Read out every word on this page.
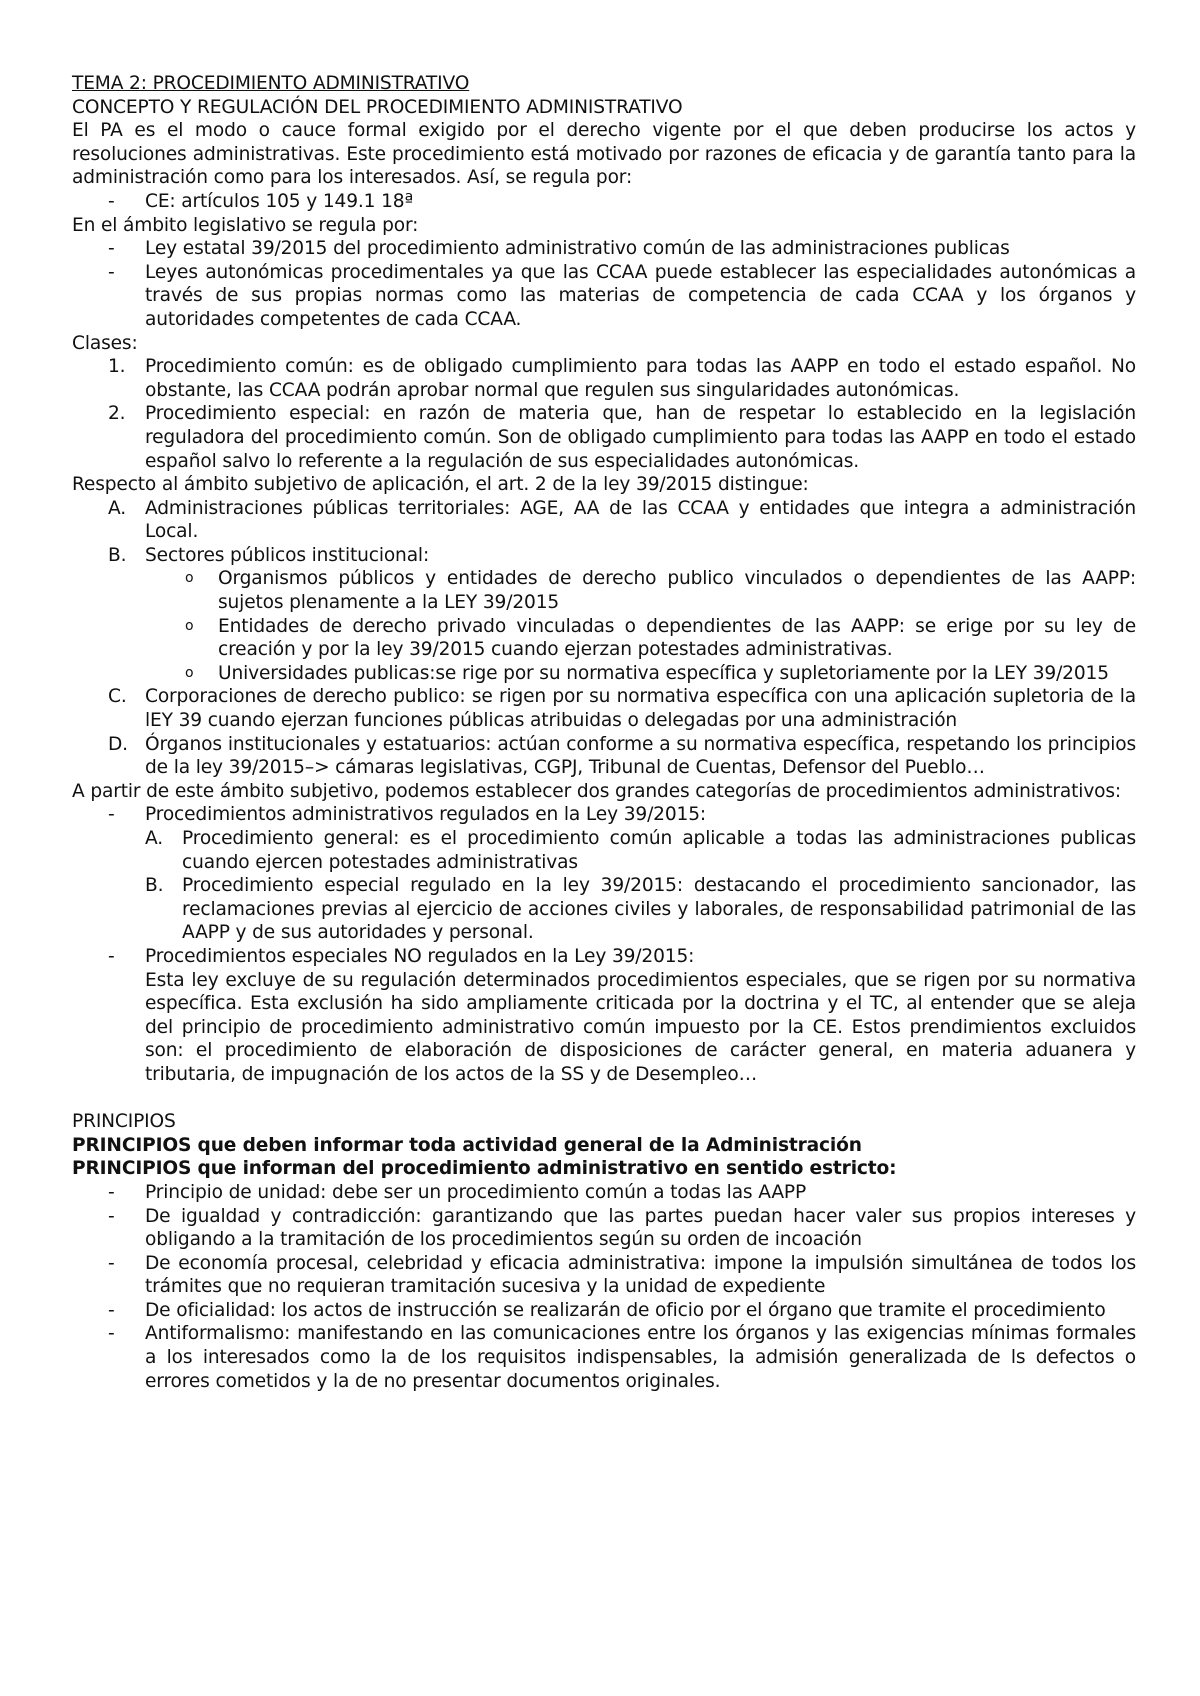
TEMA 2: PROCEDIMIENTO ADMINISTRATIVO

CONCEPTO Y REGULACIÓN DEL PROCEDIMIENTO ADMINISTRATIVO

El PA es el modo o cauce formal exigido por el derecho vigente por el que deben producirse los actos y resoluciones administrativas. Este procedimiento está motivado por razones de eficacia y de garantía tanto para la administración como para los interesados. Así, se regula por:

- CE: artículos 105 y 149.1 18ª

En el ámbito legislativo se regula por:

- Ley estatal 39/2015 del procedimiento administrativo común de las administraciones publicas
- Leyes autonómicas procedimentales ya que las CCAA puede establecer las especialidades autonómicas a través de sus propias normas como las materias de competencia de cada CCAA y los órganos y autoridades competentes de cada CCAA.

Clases:

1. Procedimiento común: es de obligado cumplimiento para todas las AAPP en todo el estado español. No obstante, las CCAA podrán aprobar normal que regulen sus singularidades autonómicas.
2. Procedimiento especial: en razón de materia que, han de respetar lo establecido en la legislación reguladora del procedimiento común. Son de obligado cumplimiento para todas las AAPP en todo el estado español salvo lo referente a la regulación de sus especialidades autonómicas.

Respecto al ámbito subjetivo de aplicación, el art. 2 de la ley 39/2015 distingue:

A. Administraciones públicas territoriales: AGE, AA de las CCAA y entidades que integra a administración Local.
B. Sectores públicos institucional:
o Organismos públicos y entidades de derecho publico vinculados o dependientes de las AAPP: sujetos plenamente a la LEY 39/2015
o Entidades de derecho privado vinculadas o dependientes de las AAPP: se erige por su ley de creación y por la ley 39/2015 cuando ejerzan potestades administrativas.
o Universidades publicas:se rige por su normativa específica y supletoriamente por la LEY 39/2015
C. Corporaciones de derecho publico: se rigen por su normativa específica con una aplicación supletoria de la lEY 39 cuando ejerzan funciones públicas atribuidas o delegadas por una administración
D. Órganos institucionales y estatuarios: actúan conforme a su normativa específica, respetando los principios de la ley 39/2015–> cámaras legislativas, CGPJ, Tribunal de Cuentas, Defensor del Pueblo…

A partir de este ámbito subjetivo, podemos establecer dos grandes categorías de procedimientos administrativos:

- Procedimientos administrativos regulados en la Ley 39/2015:
A. Procedimiento general: es el procedimiento común aplicable a todas las administraciones publicas cuando ejercen potestades administrativas
B. Procedimiento especial regulado en la ley 39/2015: destacando el procedimiento sancionador, las reclamaciones previas al ejercicio de acciones civiles y laborales, de responsabilidad patrimonial de las AAPP y de sus autoridades y personal.
- Procedimientos especiales NO regulados en la Ley 39/2015:
Esta ley excluye de su regulación determinados procedimientos especiales, que se rigen por su normativa específica. Esta exclusión ha sido ampliamente criticada por la doctrina y el TC, al entender que se aleja del principio de procedimiento administrativo común impuesto por la CE. Estos prendimientos excluidos son: el procedimiento de elaboración de disposiciones de carácter general, en materia aduanera y tributaria, de impugnación de los actos de la SS y de Desempleo…

PRINCIPIOS

PRINCIPIOS que deben informar toda actividad general de la Administración

PRINCIPIOS que informan del procedimiento administrativo en sentido estricto:

- Principio de unidad: debe ser un procedimiento común a todas las AAPP
- De igualdad y contradicción: garantizando que las partes puedan hacer valer sus propios intereses y obligando a la tramitación de los procedimientos según su orden de incoación
- De economía procesal, celebridad y eficacia administrativa: impone la impulsión simultánea de todos los trámites que no requieran tramitación sucesiva y la unidad de expediente
- De oficialidad: los actos de instrucción se realizarán de oficio por el órgano que tramite el procedimiento
- Antiformalismo: manifestando en las comunicaciones entre los órganos y las exigencias mínimas formales a los interesados como la de los requisitos indispensables, la admisión generalizada de ls defectos o errores cometidos y la de no presentar documentos originales.
